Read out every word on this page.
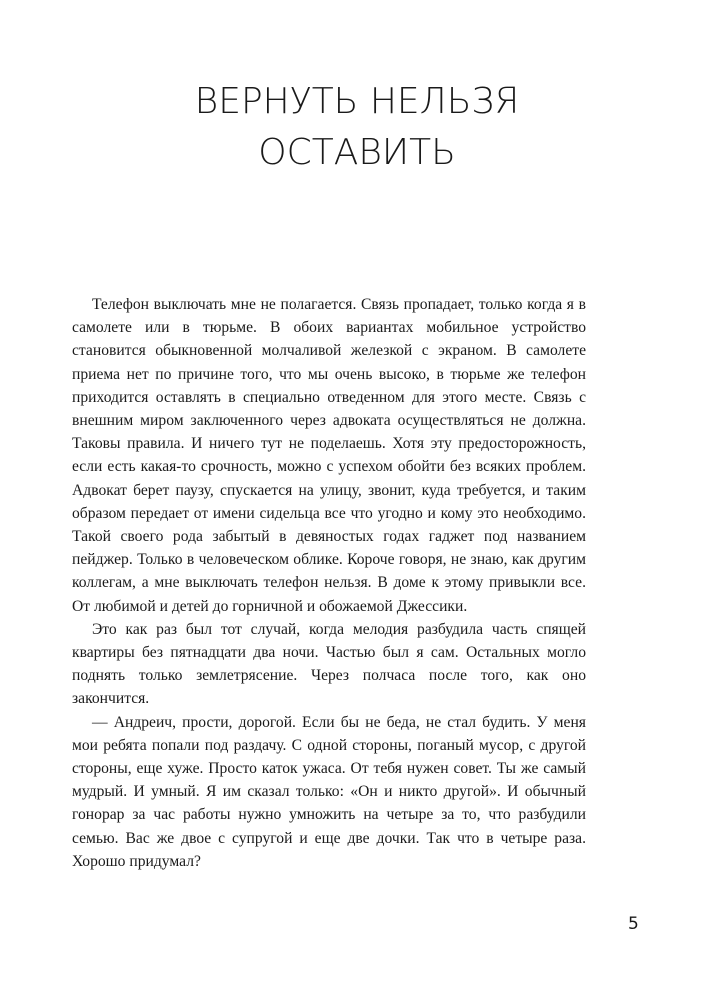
ВЕРНУТЬ НЕЛЬЗЯ
ОСТАВИТЬ

Телефон выключать мне не полагается. Связь пропадает, только когда я в самолете или в тюрьме. В обоих вариантах мобильное устройство становится обыкновенной молчаливой железкой с экраном. В самолете приема нет по причине того, что мы очень высоко, в тюрьме же телефон приходится оставлять в специально отведенном для этого месте. Связь с внешним миром заключенного через адвоката осуществляться не должна. Таковы правила. И ничего тут не поделаешь. Хотя эту предосторожность, если есть какая-то срочность, можно с успехом обойти без всяких проблем. Адвокат берет паузу, спускается на улицу, звонит, куда требуется, и таким образом передает от имени сидельца все что угодно и кому это необходимо. Такой своего рода забытый в девяностых годах гаджет под названием пейджер. Только в человеческом облике. Короче говоря, не знаю, как другим коллегам, а мне выключать телефон нельзя. В доме к этому привыкли все. От любимой и детей до горничной и обожаемой Джессики.

Это как раз был тот случай, когда мелодия разбудила часть спящей квартиры без пятнадцати два ночи. Частью был я сам. Остальных могло поднять только землетрясение. Через полчаса после того, как оно закончится.

— Андреич, прости, дорогой. Если бы не беда, не стал будить. У меня мои ребята попали под раздачу. С одной стороны, поганый мусор, с другой стороны, еще хуже. Просто каток ужаса. От тебя нужен совет. Ты же самый мудрый. И умный. Я им сказал только: «Он и никто другой». И обычный гонорар за час работы нужно умножить на четыре за то, что разбудили семью. Вас же двое с супругой и еще две дочки. Так что в четыре раза. Хорошо придумал?

5
